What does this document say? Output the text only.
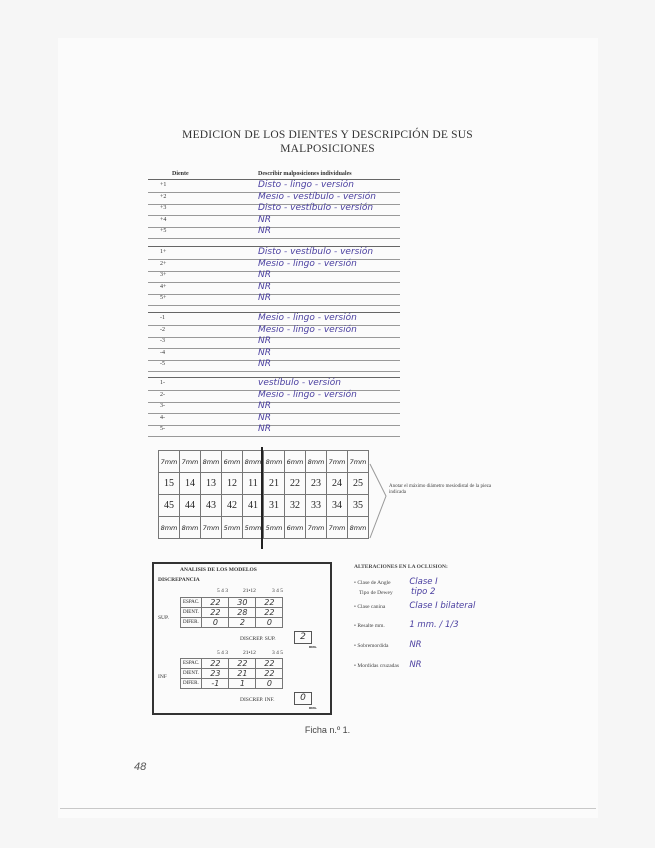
MEDICION DE LOS DIENTES Y DESCRIPCIÓN DE SUS
MALPOSICIONES
Diente	Describir malposiciones individuales
+1	Disto - lingo - versión
+2	Mesio - vestíbulo - versión
+3	Disto - vestíbulo - versión
+4	NR
+5	NR
1+	Disto - vestíbulo - versión
2+	Mesio - lingo - versión
3+	NR
4+	NR
5+	NR
-1	Mesio - lingo - versión
-2	Mesio - lingo - versión
-3	NR
-4	NR
-5	NR
1-	vestíbulo - versión
2-	Mesio - lingo - versión
3-	NR
4-	NR
5-	NR
7mm	7mm	8mm	6mm	8mm	8mm	6mm	8mm	7mm	7mm
15	14	13	12	11	21	22	23	24	25
45	44	43	42	41	31	32	33	34	35
8mm	8mm	7mm	5mm	5mm	5mm	6mm	7mm	7mm	8mm
Anotar el máximo diámetro mesiodistal de la pieza indicada
ANALISIS DE LOS MODELOS
DISCREPANCIA
5 4 3	21•12	3 4 5
SUP.
ESPAC.	22	30	22
DIENT.	22	28	22
DIFER.	0	2	0
DISCREP. SUP.	2
mm.
5 4 3	21•12	3 4 5
INF
ESPAC.	22	22	22
DIENT.	23	21	22
DIFER.	-1	1	0
DISCREP. INF.	0
mm.
ALTERACIONES EN LA OCLUSION:
• Clase de Angle Clase I
Tipo de Dewey tipo 2
• Clase canina	Clase I bilateral
• Resalte mm.	1 mm. / 1/3
• Sobremordida NR
• Mordidas cruzadas NR
Ficha n.º 1.
48
